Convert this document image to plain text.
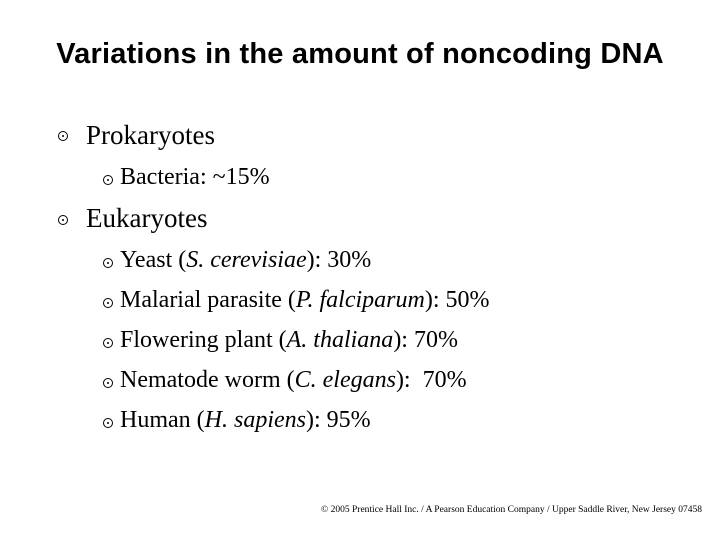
Variations in the amount of noncoding DNA
Prokaryotes
Bacteria: ~15%
Eukaryotes
Yeast (S. cerevisiae): 30%
Malarial parasite (P. falciparum): 50%
Flowering plant (A. thaliana): 70%
Nematode worm (C. elegans):  70%
Human (H. sapiens): 95%
© 2005 Prentice Hall Inc. / A Pearson Education Company / Upper Saddle River, New Jersey 07458
